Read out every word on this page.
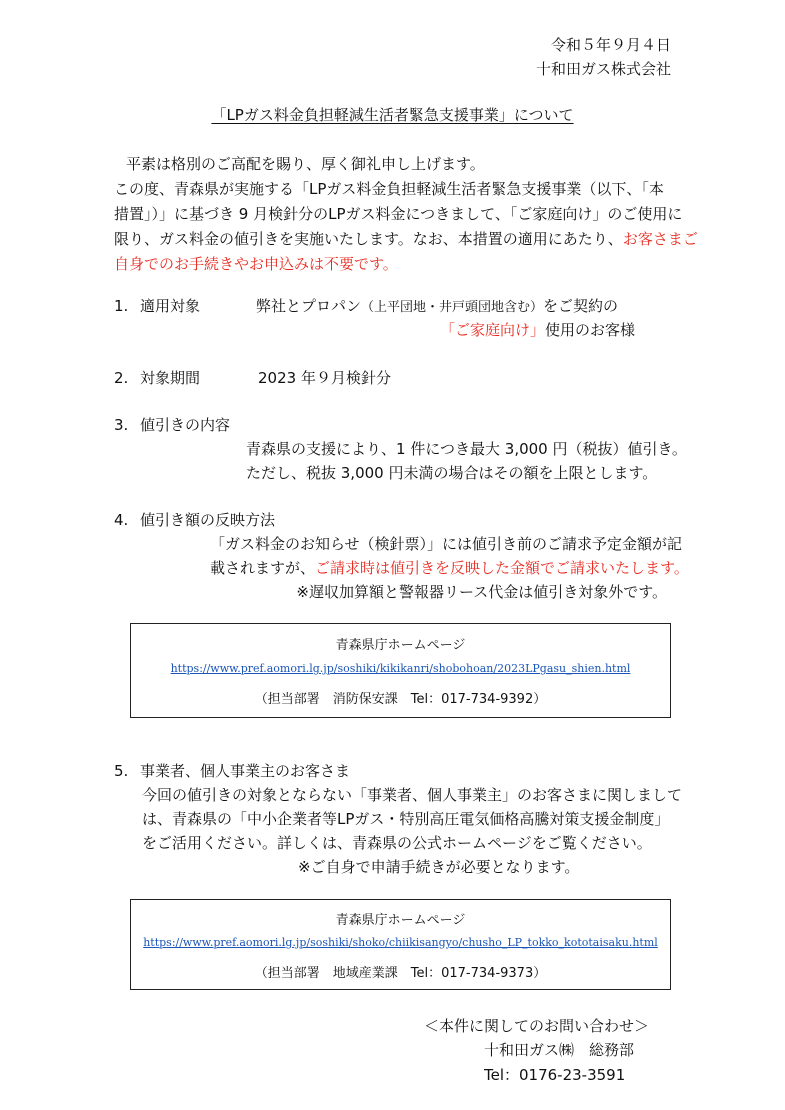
令和５年９月４日
十和田ガス株式会社
「LPガス料金負担軽減生活者緊急支援事業」について
平素は格別のご高配を賜り、厚く御礼申し上げます。
この度、青森県が実施する「LPガス料金負担軽減生活者緊急支援事業（以下、「本
措置」）」に基づき 9 月検針分のLPガス料金につきまして、「ご家庭向け」のご使用に
限り、ガス料金の値引きを実施いたします。なお、本措置の適用にあたり、お客さまご
自身でのお手続きやお申込みは不要です。
1. 適用対象	弊社とプロパン（上平団地・井戸頭団地含む）をご契約の
「ご家庭向け」使用のお客様
2. 対象期間	2023 年９月検針分
3. 値引きの内容
青森県の支援により、1 件につき最大 3,000 円（税抜）値引き。
ただし、税抜 3,000 円未満の場合はその額を上限とします。
4. 値引き額の反映方法
「ガス料金のお知らせ（検針票）」には値引き前のご請求予定金額が記
載されますが、ご請求時は値引きを反映した金額でご請求いたします。
※遅収加算額と警報器リース代金は値引き対象外です。
青森県庁ホームページ
https://www.pref.aomori.lg.jp/soshiki/kikikanri/shobohoan/2023LPgasu_shien.html
（担当部署　消防保安課　Tel：017-734-9392）
5. 事業者、個人事業主のお客さま
今回の値引きの対象とならない「事業者、個人事業主」のお客さまに関しまして
は、青森県の「中小企業者等LPガス・特別高圧電気価格高騰対策支援金制度」
をご活用ください。詳しくは、青森県の公式ホームページをご覧ください。
※ご自身で申請手続きが必要となります。
青森県庁ホームページ
https://www.pref.aomori.lg.jp/soshiki/shoko/chiikisangyo/chusho_LP_tokko_kototaisaku.html
（担当部署　地域産業課　Tel：017-734-9373）
＜本件に関してのお問い合わせ＞
十和田ガス㈱　総務部
Tel：0176-23-3591
